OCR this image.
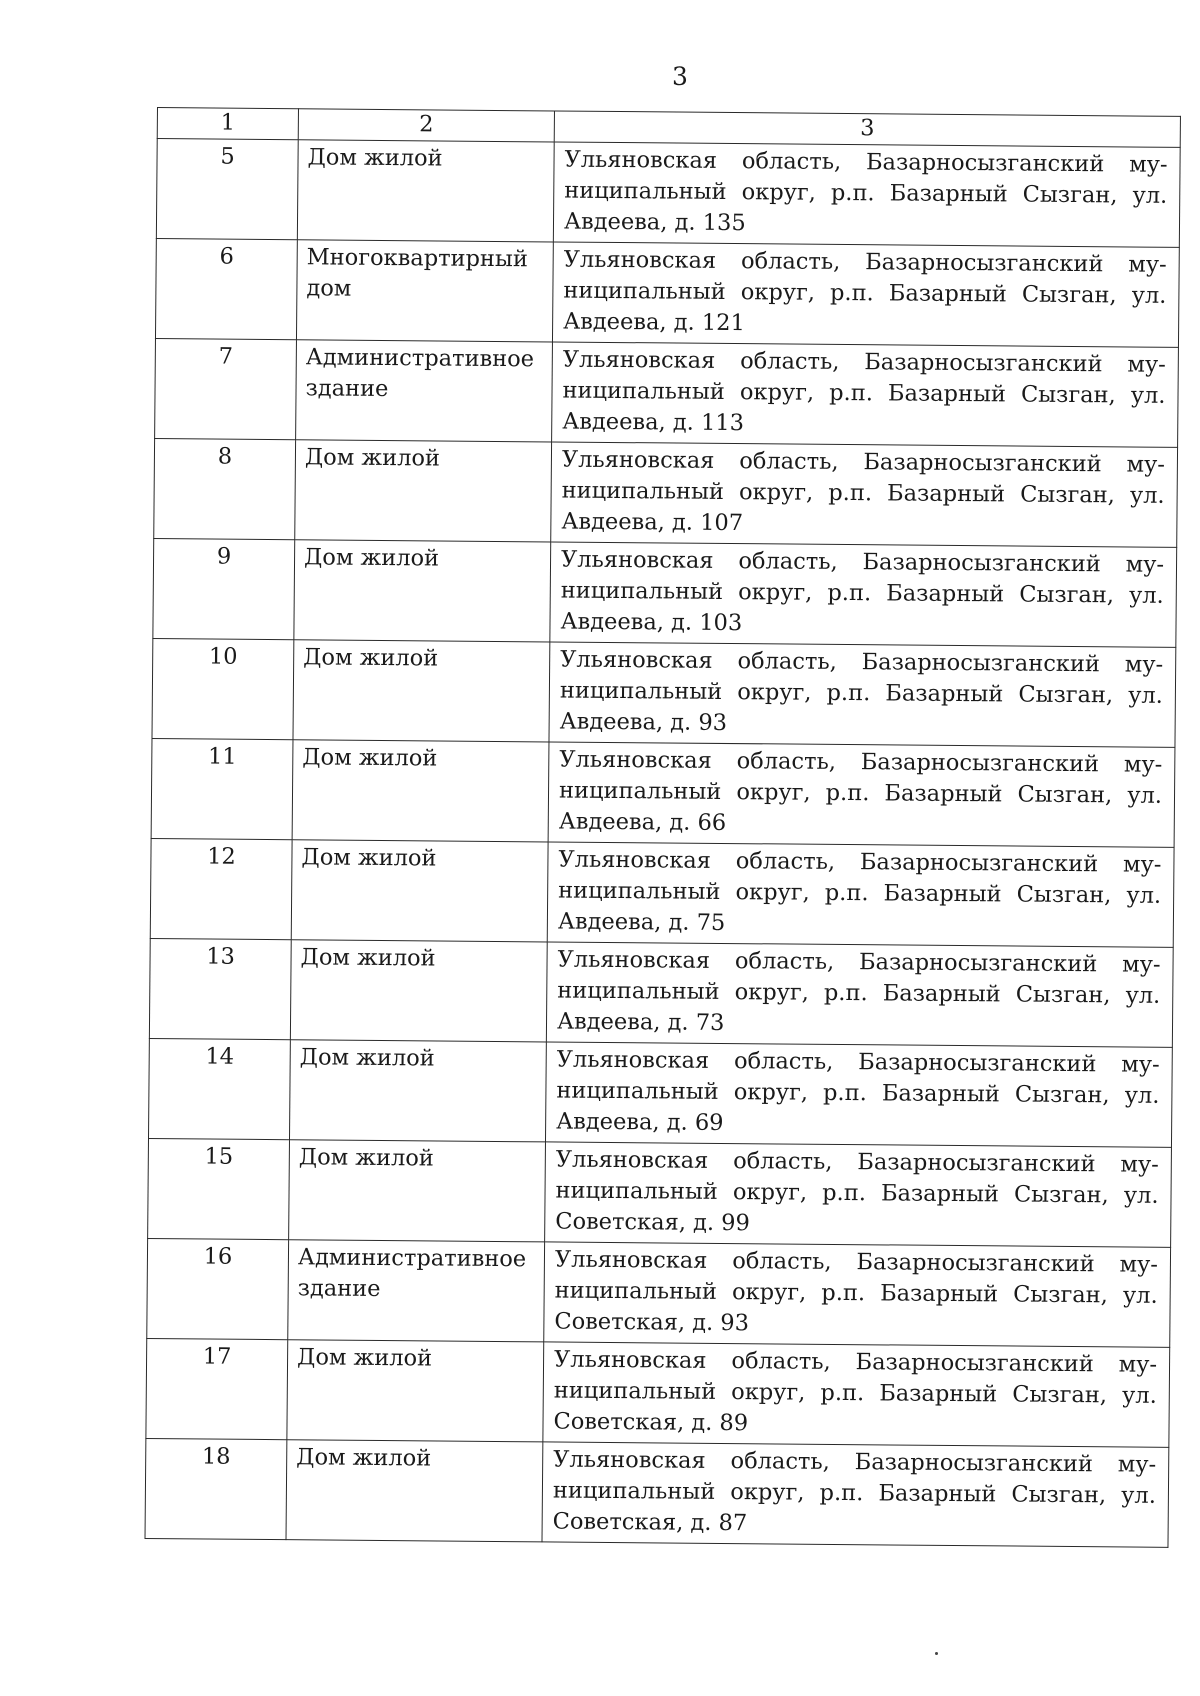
3
1	2	3
5	Дом жилой	Ульяновская область, Базарносызганский муниципальный округ, р.п. Базарный Сызган, ул. Авдеева, д. 135
6	Многоквартирный дом	Ульяновская область, Базарносызганский муниципальный округ, р.п. Базарный Сызган, ул. Авдеева, д. 121
7	Административное здание	Ульяновская область, Базарносызганский муниципальный округ, р.п. Базарный Сызган, ул. Авдеева, д. 113
8	Дом жилой	Ульяновская область, Базарносызганский муниципальный округ, р.п. Базарный Сызган, ул. Авдеева, д. 107
9	Дом жилой	Ульяновская область, Базарносызганский муниципальный округ, р.п. Базарный Сызган, ул. Авдеева, д. 103
10	Дом жилой	Ульяновская область, Базарносызганский муниципальный округ, р.п. Базарный Сызган, ул. Авдеева, д. 93
11	Дом жилой	Ульяновская область, Базарносызганский муниципальный округ, р.п. Базарный Сызган, ул. Авдеева, д. 66
12	Дом жилой	Ульяновская область, Базарносызганский муниципальный округ, р.п. Базарный Сызган, ул. Авдеева, д. 75
13	Дом жилой	Ульяновская область, Базарносызганский муниципальный округ, р.п. Базарный Сызган, ул. Авдеева, д. 73
14	Дом жилой	Ульяновская область, Базарносызганский муниципальный округ, р.п. Базарный Сызган, ул. Авдеева, д. 69
15	Дом жилой	Ульяновская область, Базарносызганский муниципальный округ, р.п. Базарный Сызган, ул. Советская, д. 99
16	Административное здание	Ульяновская область, Базарносызганский муниципальный округ, р.п. Базарный Сызган, ул. Советская, д. 93
17	Дом жилой	Ульяновская область, Базарносызганский муниципальный округ, р.п. Базарный Сызган, ул. Советская, д. 89
18	Дом жилой	Ульяновская область, Базарносызганский муниципальный округ, р.п. Базарный Сызган, ул. Советская, д. 87
